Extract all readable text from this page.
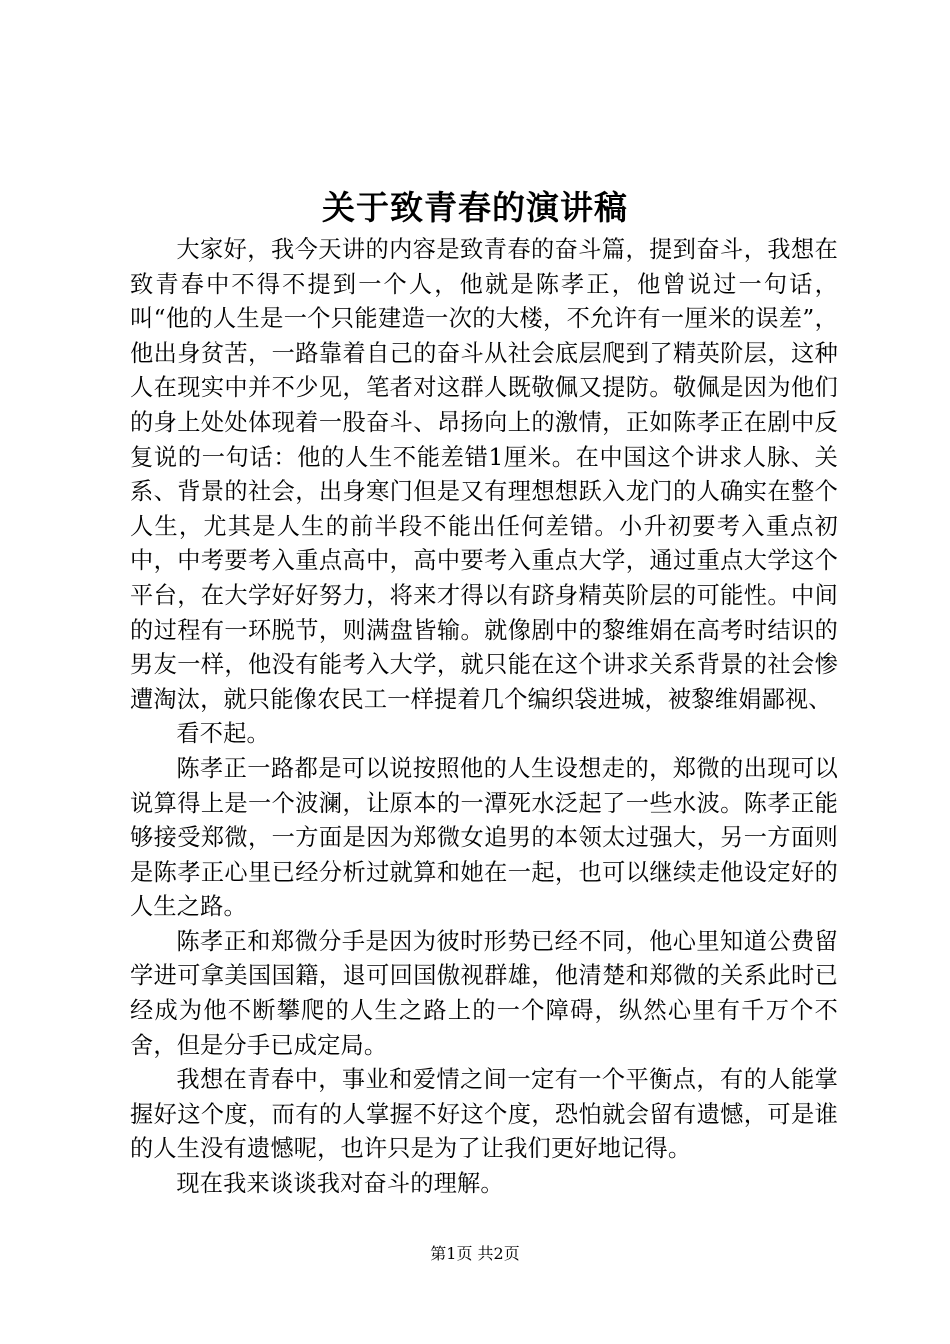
关于致青春的演讲稿

大家好，我今天讲的内容是致青春的奋斗篇，提到奋斗，我想在致青春中不得不提到一个人，他就是陈孝正，他曾说过一句话，叫“他的人生是一个只能建造一次的大楼，不允许有一厘米的误差”，他出身贫苦，一路靠着自己的奋斗从社会底层爬到了精英阶层，这种人在现实中并不少见，笔者对这群人既敬佩又提防。敬佩是因为他们的身上处处体现着一股奋斗、昂扬向上的激情，正如陈孝正在剧中反复说的一句话：他的人生不能差错1厘米。在中国这个讲求人脉、关系、背景的社会，出身寒门但是又有理想想跃入龙门的人确实在整个人生，尤其是人生的前半段不能出任何差错。小升初要考入重点初中，中考要考入重点高中，高中要考入重点大学，通过重点大学这个平台，在大学好好努力，将来才得以有跻身精英阶层的可能性。中间的过程有一环脱节，则满盘皆输。就像剧中的黎维娟在高考时结识的男友一样，他没有能考入大学，就只能在这个讲求关系背景的社会惨遭淘汰，就只能像农民工一样提着几个编织袋进城，被黎维娟鄙视、

看不起。

陈孝正一路都是可以说按照他的人生设想走的，郑微的出现可以说算得上是一个波澜，让原本的一潭死水泛起了一些水波。陈孝正能够接受郑微，一方面是因为郑微女追男的本领太过强大，另一方面则是陈孝正心里已经分析过就算和她在一起，也可以继续走他设定好的人生之路。

陈孝正和郑微分手是因为彼时形势已经不同，他心里知道公费留学进可拿美国国籍，退可回国傲视群雄，他清楚和郑微的关系此时已经成为他不断攀爬的人生之路上的一个障碍，纵然心里有千万个不舍，但是分手已成定局。

我想在青春中，事业和爱情之间一定有一个平衡点，有的人能掌握好这个度，而有的人掌握不好这个度，恐怕就会留有遗憾，可是谁的人生没有遗憾呢，也许只是为了让我们更好地记得。

现在我来谈谈我对奋斗的理解。

第1页 共2页
